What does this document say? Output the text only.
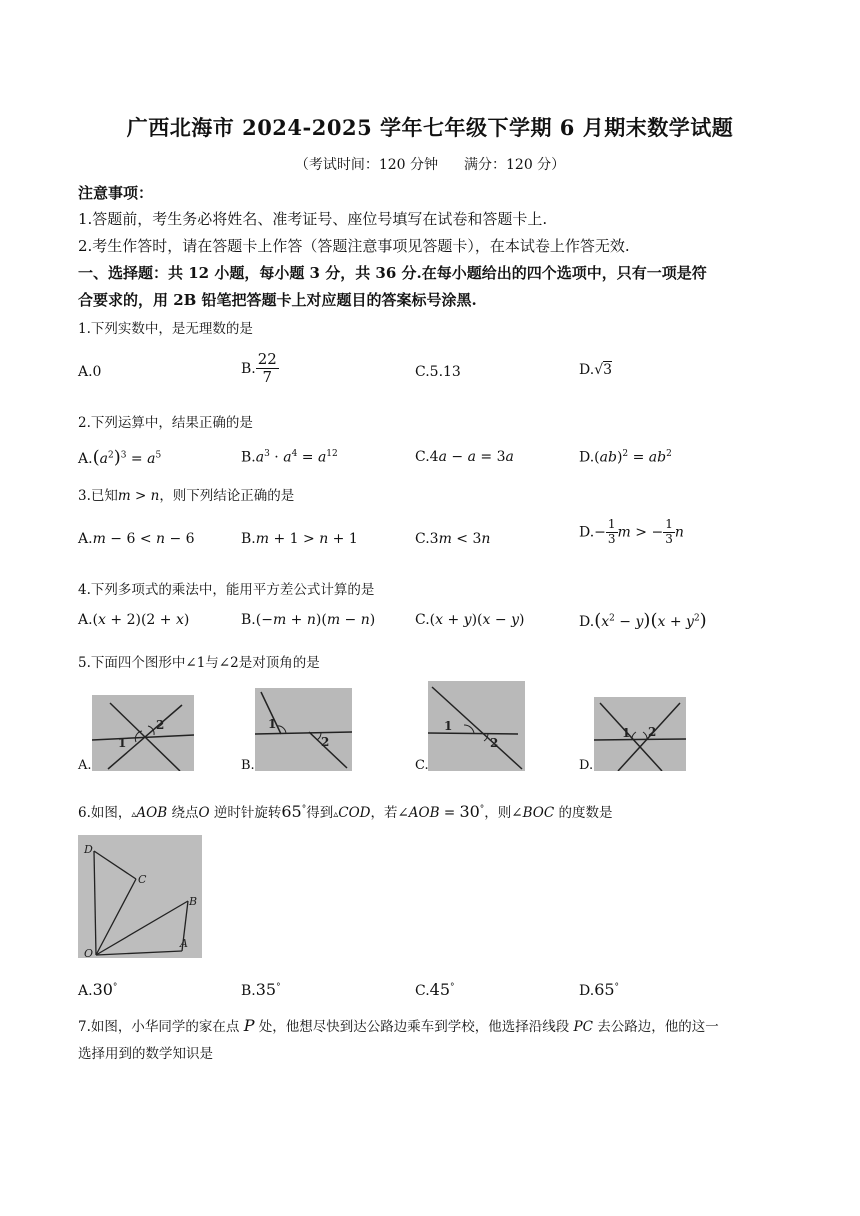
广西北海市 2024-2025 学年七年级下学期 6 月期末数学试题
（考试时间：120 分钟 满分：120 分）
注意事项：
1.答题前，考生务必将姓名、准考证号、座位号填写在试卷和答题卡上.
2.考生作答时，请在答题卡上作答（答题注意事项见答题卡），在本试卷上作答无效.
一、选择题：共 12 小题，每小题 3 分，共 36 分.在每小题给出的四个选项中，只有一项是符
合要求的，用 2B 铅笔把答题卡上对应题目的答案标号涂黑.
1.下列实数中，是无理数的是
A.0	B. $\frac{22}{7}$	C.5.13	D.√3
2.下列运算中，结果正确的是
$A.(a^2)^3 = a^5$	$B.a^3 \cdot a^4 = a^{12}$	C.4a − a = 3a	$D.(ab)^2 = ab^2$
3.已知m > n，则下列结论正确的是
A.m − 6 < n − 6	B.m + 1 > n + 1	C.3m < 3n	$D.- \frac{1}{3}$ m > − $\frac{1}{3}$ n
4.下列多项式的乘法中，能用平方差公式计算的是
A.(x + 2)(2 + x)	B.(−m + n)(m − n)	C.(x + y)(x − y)	$D.(x^2 - y)(x + y^2)$
5.下面四个图形中∠1与∠2是对顶角的是
1
2
A.
1
2
B.
1
2
C.
1 2
D.
6.如图，▵AOB 绕点O 逆时针旋转65°得到▵COD，若∠AOB = 30°，则∠BOC 的度数是
D
C
B
O
A
A.30°	B.35°	C.45°	D.65°
7.如图，小华同学的家在点 P 处，他想尽快到达公路边乘车到学校，他选择沿线段 PC 去公路边，他的这一
选择用到的数学知识是
